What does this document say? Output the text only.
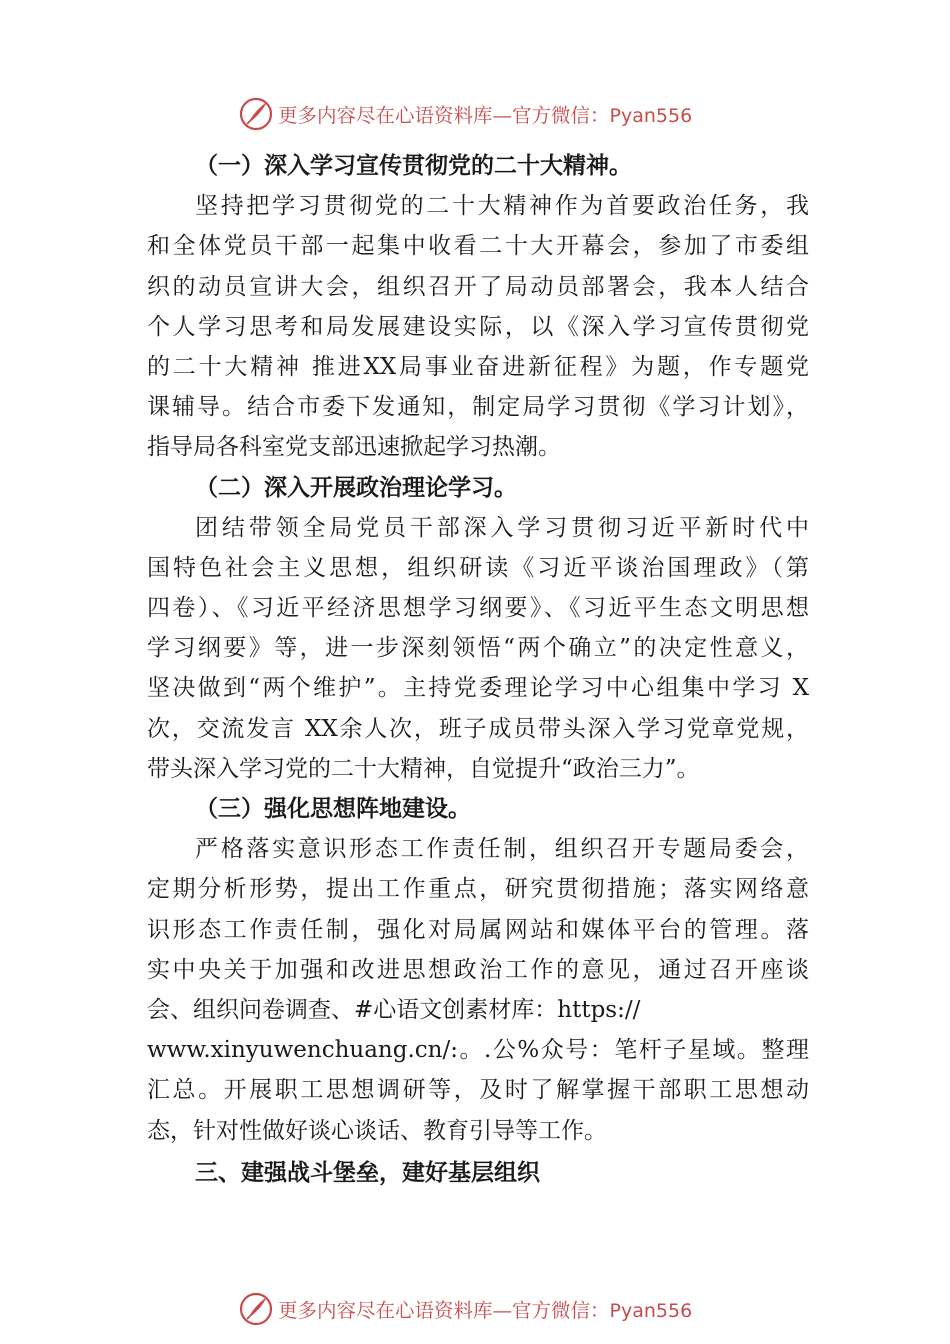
更多内容尽在心语资料库—官方微信：Pyan556
（一）深入学习宣传贯彻党的二十大精神。
坚持把学习贯彻党的二十大精神作为首要政治任务，我
和全体党员干部一起集中收看二十大开幕会，参加了市委组
织的动员宣讲大会，组织召开了局动员部署会，我本人结合
个人学习思考和局发展建设实际，以《深入学习宣传贯彻党
的二十大精神 推进XX局事业奋进新征程》为题，作专题党
课辅导。结合市委下发通知，制定局学习贯彻《学习计划》，
指导局各科室党支部迅速掀起学习热潮。
（二）深入开展政治理论学习。
团结带领全局党员干部深入学习贯彻习近平新时代中
国特色社会主义思想，组织研读《习近平谈治国理政》（第
四卷）、《习近平经济思想学习纲要》、《习近平生态文明思想
学习纲要》等，进一步深刻领悟“两个确立”的决定性意义，
坚决做到“两个维护”。主持党委理论学习中心组集中学习 X
次，交流发言 XX余人次，班子成员带头深入学习党章党规，
带头深入学习党的二十大精神，自觉提升“政治三力”。
（三）强化思想阵地建设。
严格落实意识形态工作责任制，组织召开专题局委会，
定期分析形势，提出工作重点，研究贯彻措施；落实网络意
识形态工作责任制，强化对局属网站和媒体平台的管理。落
实中央关于加强和改进思想政治工作的意见，通过召开座谈
会、组织问卷调查、#心语文创素材库：https://
www.xinyuwenchuang.cn/:。.公%众号：笔杆子星域。整理
汇总。开展职工思想调研等，及时了解掌握干部职工思想动
态，针对性做好谈心谈话、教育引导等工作。
三、建强战斗堡垒，建好基层组织
更多内容尽在心语资料库—官方微信：Pyan556
